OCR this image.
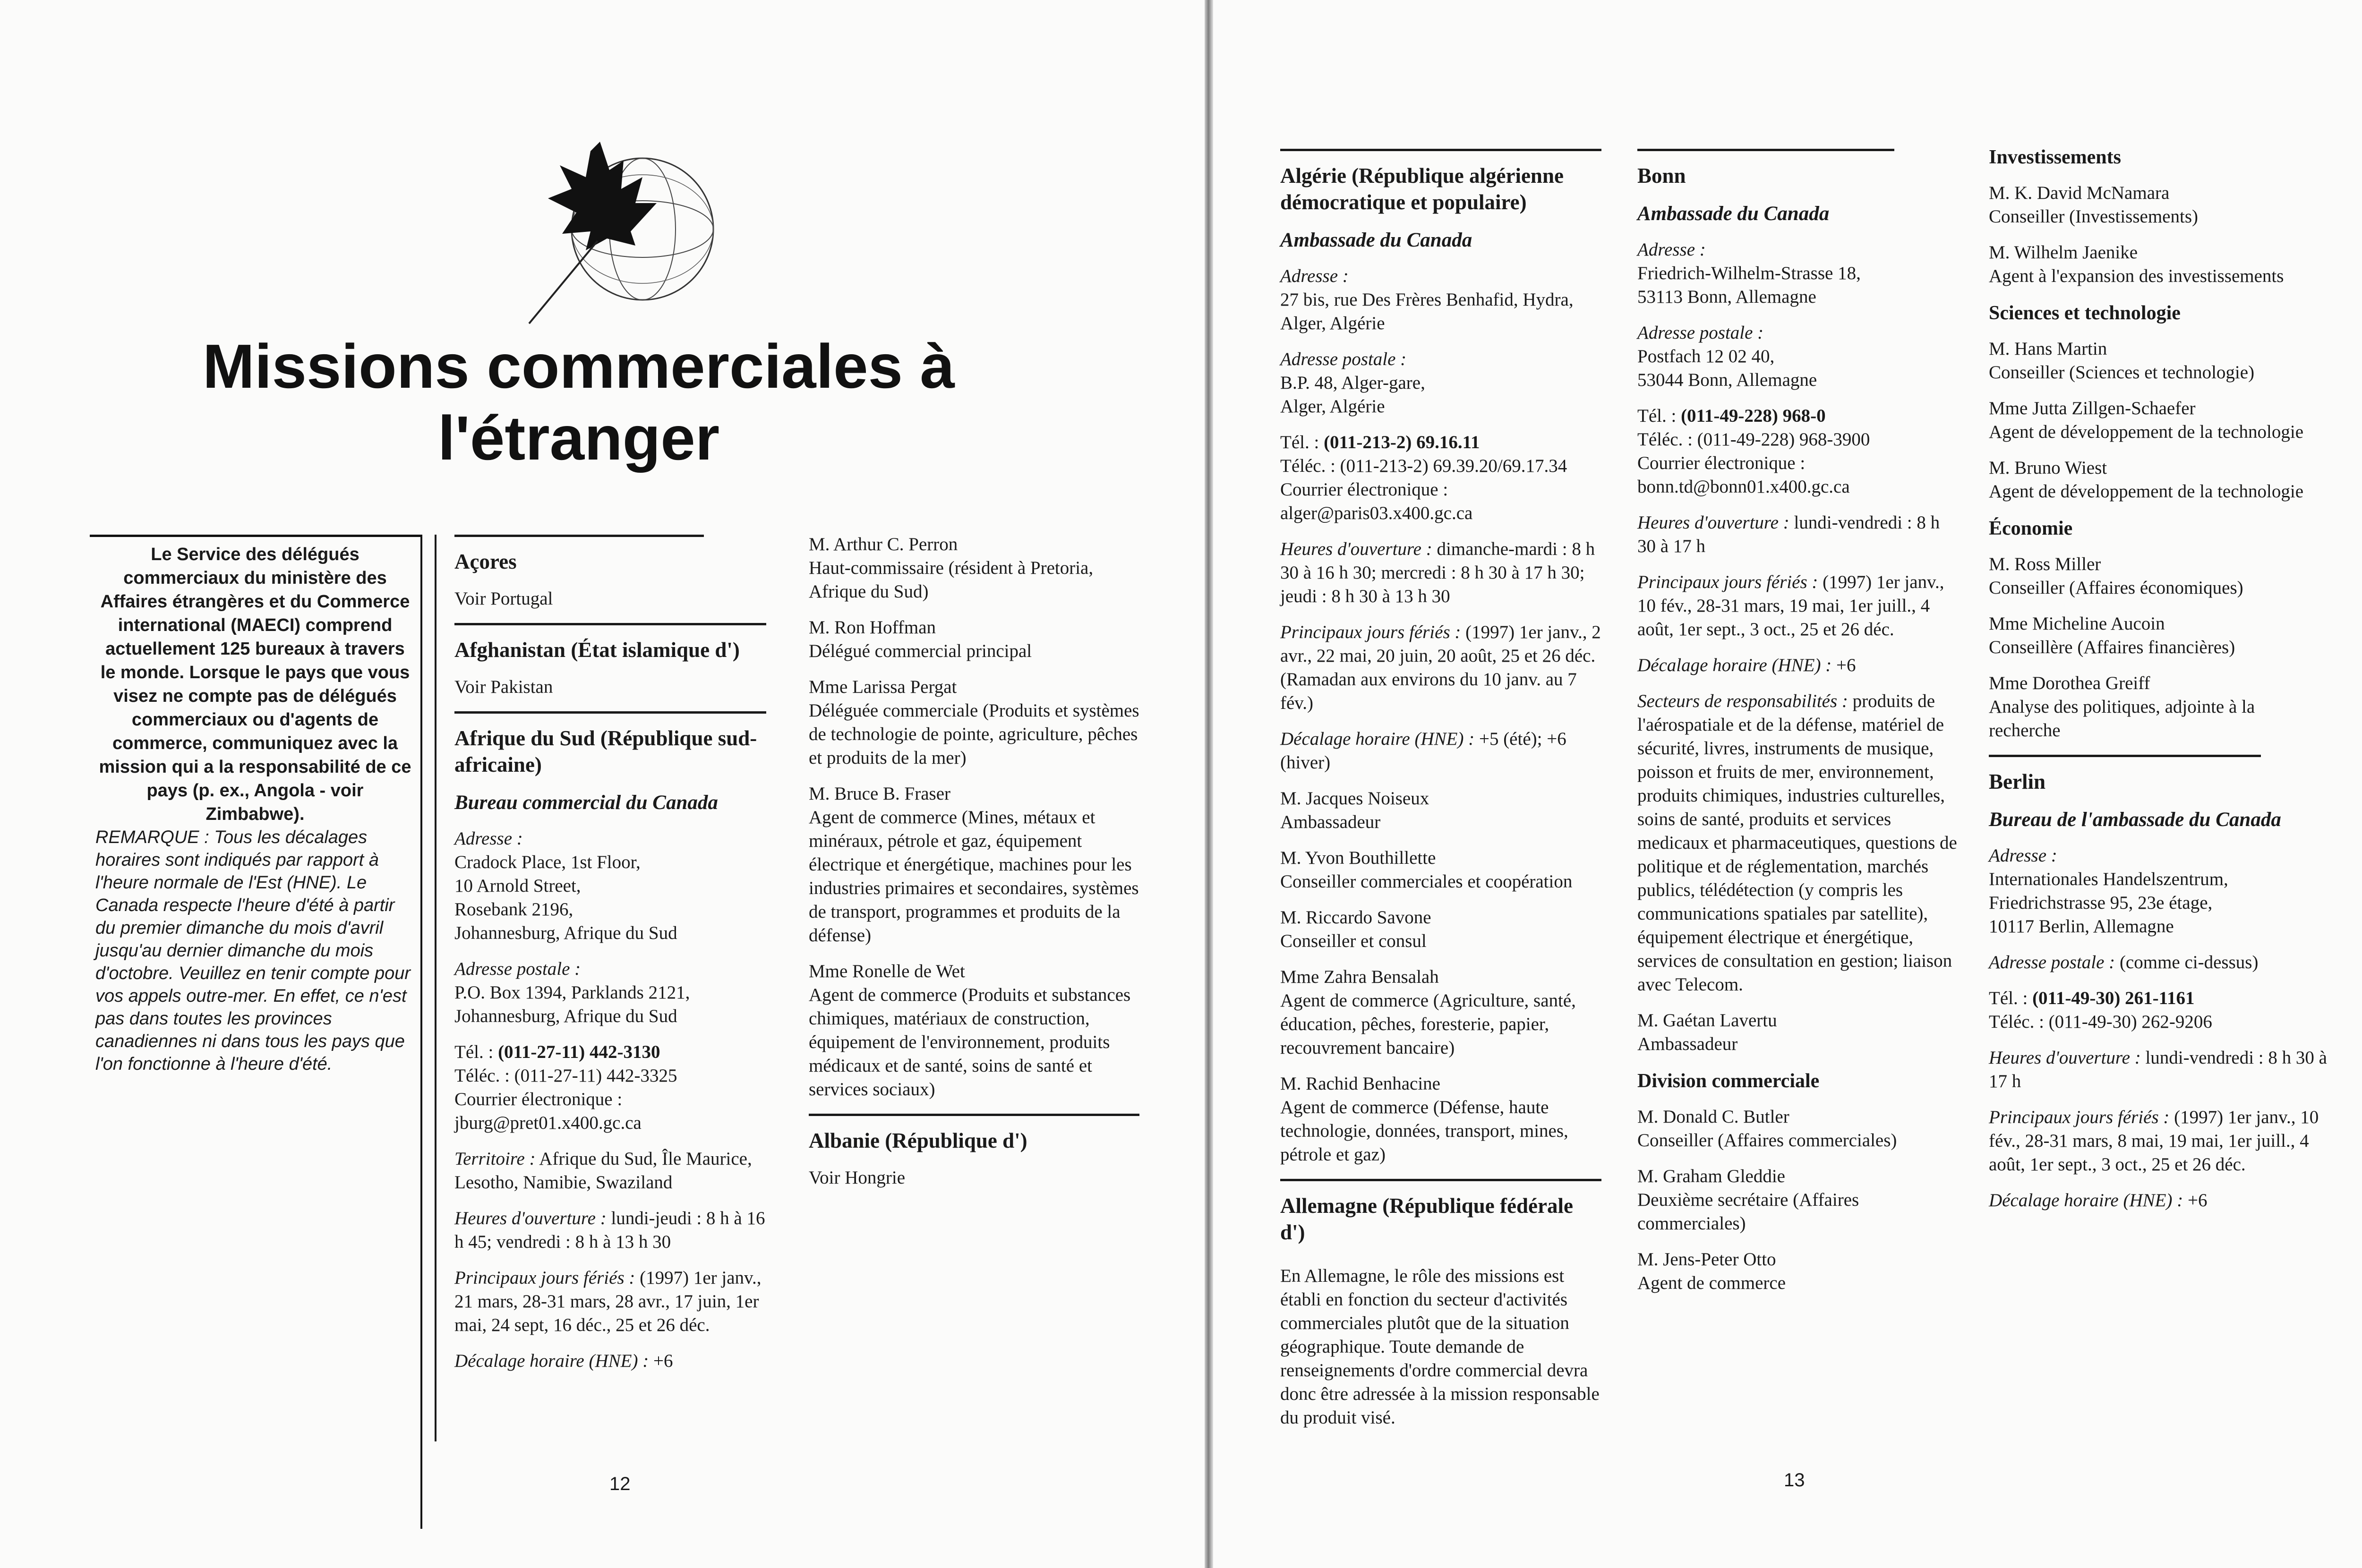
Missions commerciales à l'étranger

Le Service des délégués commerciaux du ministère des Affaires étrangères et du Commerce international (MAECI) comprend actuellement 125 bureaux à travers le monde. Lorsque le pays que vous visez ne compte pas de délégués commerciaux ou d'agents de commerce, communiquez avec la mission qui a la responsabilité de ce pays (p. ex., Angola - voir Zimbabwe).

REMARQUE : Tous les décalages horaires sont indiqués par rapport à l'heure normale de l'Est (HNE). Le Canada respecte l'heure d'été à partir du premier dimanche du mois d'avril jusqu'au dernier dimanche du mois d'octobre. Veuillez en tenir compte pour vos appels outre-mer. En effet, ce n'est pas dans toutes les provinces canadiennes ni dans tous les pays que l'on fonctionne à l'heure d'été.

Açores

Voir Portugal

Afghanistan (État islamique d')

Voir Pakistan

Afrique du Sud (République sud-africaine)
Bureau commercial du Canada

Adresse :
Cradock Place, 1st Floor,
10 Arnold Street,
Rosebank 2196,
Johannesburg, Afrique du Sud

Adresse postale :
P.O. Box 1394, Parklands 2121,
Johannesburg, Afrique du Sud

Tél. : (011-27-11) 442-3130
Téléc. : (011-27-11) 442-3325
Courrier électronique :
jburg@pret01.x400.gc.ca

Territoire : Afrique du Sud, Île Maurice, Lesotho, Namibie, Swaziland

Heures d'ouverture : lundi-jeudi : 8 h à 16 h 45; vendredi : 8 h à 13 h 30

Principaux jours fériés : (1997) 1er janv., 21 mars, 28-31 mars, 28 avr., 17 juin, 1er mai, 24 sept, 16 déc., 25 et 26 déc.

Décalage horaire (HNE) : +6

M. Arthur C. Perron
Haut-commissaire (résident à Pretoria, Afrique du Sud)

M. Ron Hoffman
Délégué commercial principal

Mme Larissa Pergat
Déléguée commerciale (Produits et systèmes de technologie de pointe, agriculture, pêches et produits de la mer)

M. Bruce B. Fraser
Agent de commerce (Mines, métaux et minéraux, pétrole et gaz, équipement électrique et énergétique, machines pour les industries primaires et secondaires, systèmes de transport, programmes et produits de la défense)

Mme Ronelle de Wet
Agent de commerce (Produits et substances chimiques, matériaux de construction, équipement de l'environnement, produits médicaux et de santé, soins de santé et services sociaux)

Albanie (République d')

Voir Hongrie

12
Algérie (République algérienne démocratique et populaire)
Ambassade du Canada

Adresse :
27 bis, rue Des Frères Benhafid, Hydra,
Alger, Algérie

Adresse postale :
B.P. 48, Alger-gare,
Alger, Algérie

Tél. : (011-213-2) 69.16.11
Téléc. : (011-213-2) 69.39.20/69.17.34
Courrier électronique :
alger@paris03.x400.gc.ca

Heures d'ouverture : dimanche-mardi : 8 h 30 à 16 h 30; mercredi : 8 h 30 à 17 h 30; jeudi : 8 h 30 à 13 h 30

Principaux jours fériés : (1997) 1er janv., 2 avr., 22 mai, 20 juin, 20 août, 25 et 26 déc. (Ramadan aux environs du 10 janv. au 7 fév.)

Décalage horaire (HNE) : +5 (été); +6 (hiver)

M. Jacques Noiseux
Ambassadeur

M. Yvon Bouthillette
Conseiller commerciales et coopération

M. Riccardo Savone
Conseiller et consul

Mme Zahra Bensalah
Agent de commerce (Agriculture, santé, éducation, pêches, foresterie, papier, recouvrement bancaire)

M. Rachid Benhacine
Agent de commerce (Défense, haute technologie, données, transport, mines, pétrole et gaz)

Allemagne (République fédérale d')

En Allemagne, le rôle des missions est établi en fonction du secteur d'activités commerciales plutôt que de la situation géographique. Toute demande de renseignements d'ordre commercial devra donc être adressée à la mission responsable du produit visé.

Bonn
Ambassade du Canada

Adresse :
Friedrich-Wilhelm-Strasse 18,
53113 Bonn, Allemagne

Adresse postale :
Postfach 12 02 40,
53044 Bonn, Allemagne

Tél. : (011-49-228) 968-0
Téléc. : (011-49-228) 968-3900
Courrier électronique :
bonn.td@bonn01.x400.gc.ca

Heures d'ouverture : lundi-vendredi : 8 h 30 à 17 h

Principaux jours fériés : (1997) 1er janv., 10 fév., 28-31 mars, 19 mai, 1er juill., 4 août, 1er sept., 3 oct., 25 et 26 déc.

Décalage horaire (HNE) : +6

Secteurs de responsabilités : produits de l'aérospatiale et de la défense, matériel de sécurité, livres, instruments de musique, poisson et fruits de mer, environnement, produits chimiques, industries culturelles, soins de santé, produits et services medicaux et pharmaceutiques, questions de politique et de réglementation, marchés publics, télédétection (y compris les communications spatiales par satellite), équipement électrique et énergétique, services de consultation en gestion; liaison avec Telecom.

M. Gaétan Lavertu
Ambassadeur

Division commerciale

M. Donald C. Butler
Conseiller (Affaires commerciales)

M. Graham Gleddie
Deuxième secrétaire (Affaires commerciales)

M. Jens-Peter Otto
Agent de commerce

Investissements

M. K. David McNamara
Conseiller (Investissements)

M. Wilhelm Jaenike
Agent à l'expansion des investissements

Sciences et technologie

M. Hans Martin
Conseiller (Sciences et technologie)

Mme Jutta Zillgen-Schaefer
Agent de développement de la technologie

M. Bruno Wiest
Agent de développement de la technologie

Économie

M. Ross Miller
Conseiller (Affaires économiques)

Mme Micheline Aucoin
Conseillère (Affaires financières)

Mme Dorothea Greiff
Analyse des politiques, adjointe à la recherche

Berlin
Bureau de l'ambassade du Canada

Adresse :
Internationales Handelszentrum,
Friedrichstrasse 95, 23e étage,
10117 Berlin, Allemagne

Adresse postale : (comme ci-dessus)

Tél. : (011-49-30) 261-1161
Téléc. : (011-49-30) 262-9206

Heures d'ouverture : lundi-vendredi : 8 h 30 à 17 h

Principaux jours fériés : (1997) 1er janv., 10 fév., 28-31 mars, 8 mai, 19 mai, 1er juill., 4 août, 1er sept., 3 oct., 25 et 26 déc.

Décalage horaire (HNE) : +6

13
